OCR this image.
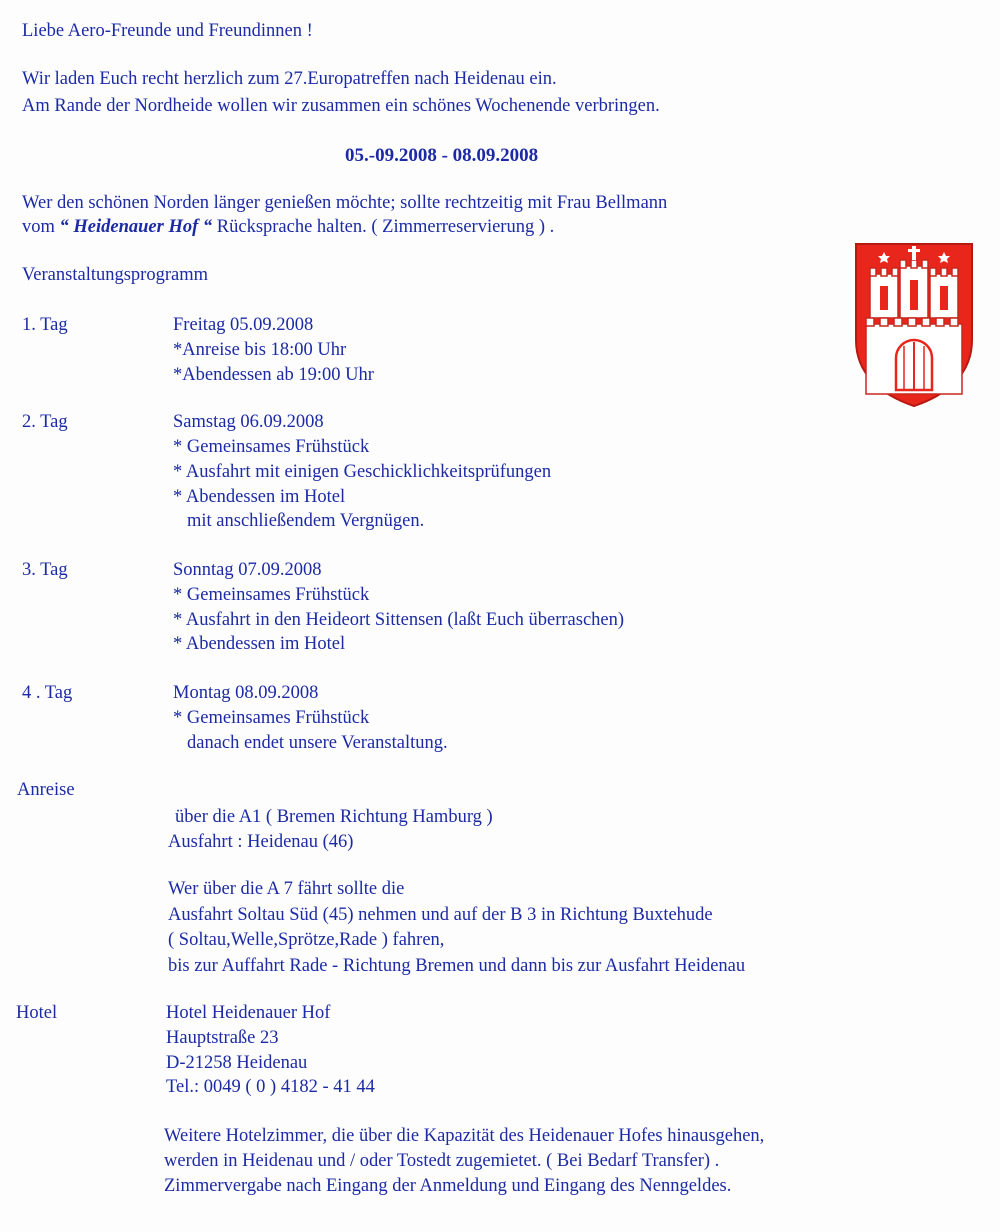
Liebe Aero-Freunde und Freundinnen !
Wir laden Euch recht herzlich zum 27.Europatreffen nach Heidenau ein.
Am Rande der Nordheide wollen wir zusammen ein schönes Wochenende verbringen.
05.-09.2008 - 08.09.2008
Wer den schönen Norden länger genießen möchte; sollte rechtzeitig mit Frau Bellmann
vom “ Heidenauer Hof “ Rücksprache halten. ( Zimmerreservierung ) .
Veranstaltungsprogramm
1. Tag	Freitag 05.09.2008
*Anreise bis 18:00 Uhr
*Abendessen ab 19:00 Uhr
2. Tag	Samstag 06.09.2008
* Gemeinsames Frühstück
* Ausfahrt mit einigen Geschicklichkeitsprüfungen
* Abendessen im Hotel
mit anschließendem Vergnügen.
3. Tag	Sonntag 07.09.2008
* Gemeinsames Frühstück
* Ausfahrt in den Heideort Sittensen (laßt Euch überraschen)
* Abendessen im Hotel
4 . Tag	Montag 08.09.2008
* Gemeinsames Frühstück
danach endet unsere Veranstaltung.
Anreise
über die A1 ( Bremen Richtung Hamburg )
Ausfahrt : Heidenau (46)
Wer über die A 7 fährt sollte die
Ausfahrt Soltau Süd (45) nehmen und auf der B 3 in Richtung Buxtehude
( Soltau,Welle,Sprötze,Rade ) fahren,
bis zur Auffahrt Rade - Richtung Bremen und dann bis zur Ausfahrt Heidenau
Hotel	Hotel Heidenauer Hof
Hauptstraße 23
D-21258 Heidenau
Tel.: 0049 ( 0 ) 4182 - 41 44
Weitere Hotelzimmer, die über die Kapazität des Heidenauer Hofes hinausgehen,
werden in Heidenau und / oder Tostedt zugemietet. ( Bei Bedarf Transfer) .
Zimmervergabe nach Eingang der Anmeldung und Eingang des Nenngeldes.
